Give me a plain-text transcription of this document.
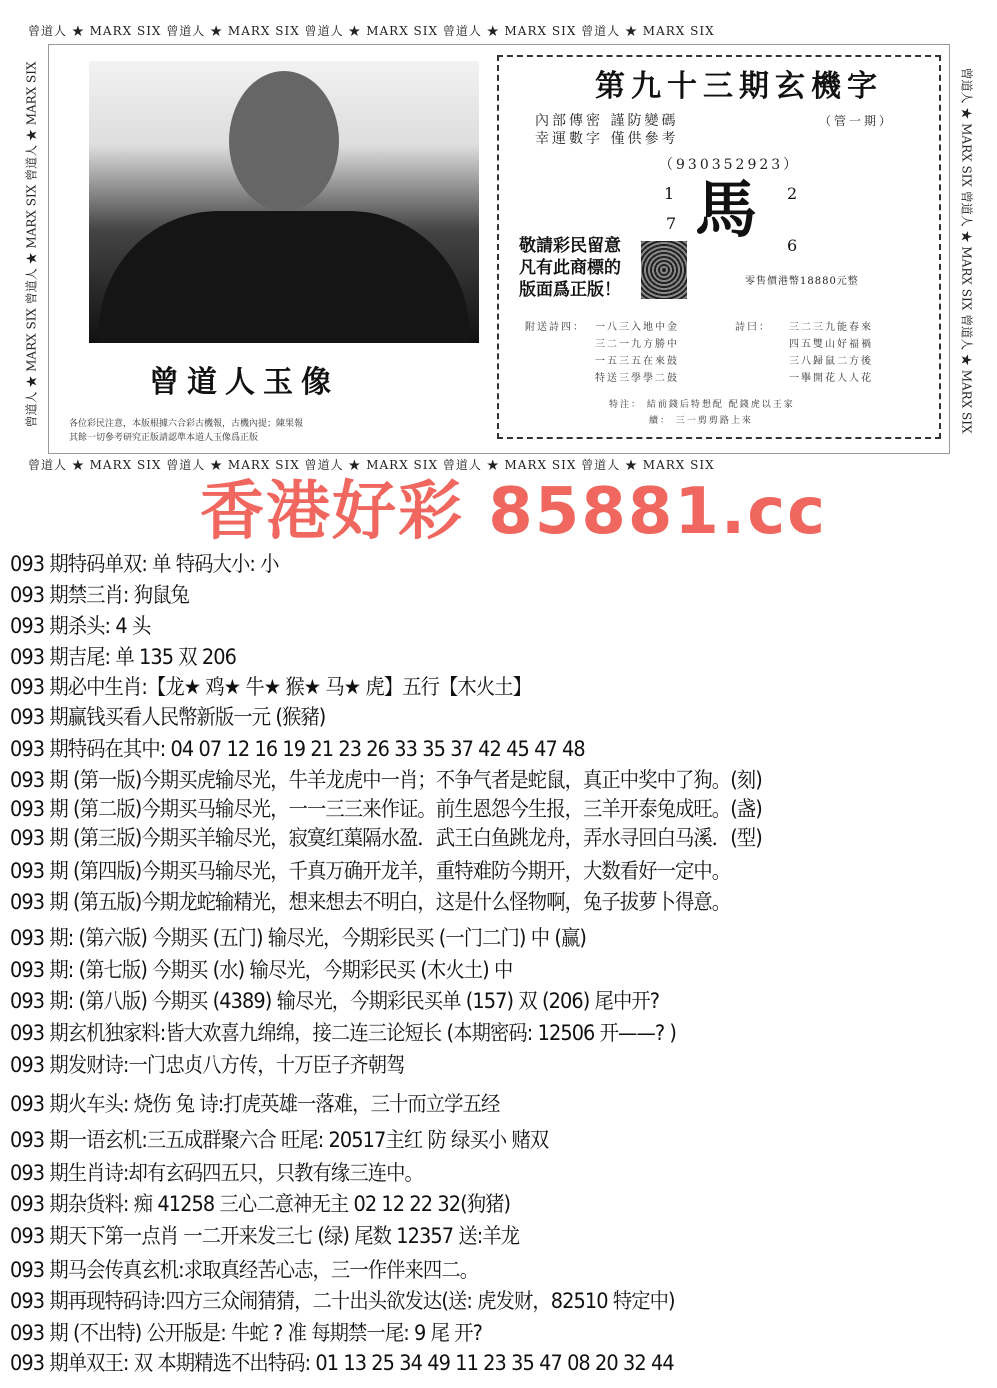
曾道人 ★ MARX SIX 曾道人 ★ MARX SIX 曾道人 ★ MARX SIX 曾道人 ★ MARX SIX 曾道人 ★ MARX SIX
曾道人 ★ MARX SIX 曾道人 ★ MARX SIX 曾道人 ★ MARX SIX 曾道人 ★ MARX SIX 曾道人 ★ MARX SIX
曾道人 ★ MARX SIX 曾道人 ★ MARX SIX 曾道人 ★ MARX SIX	曾道人 ★ MARX SIX 曾道人 ★ MARX SIX 曾道人 ★ MARX SIX
曾道人玉像
各位彩民注意，本版根據六合彩古機報，古機內提；陳果報
其餘一切參考研究正版請認準本道人玉像爲正版
第九十三期玄機字
內部傳密 謹防變碼
幸運數字 僅供參考
（管一期）
（930352923）
馬
1	2
7
6
敬請彩民留意
凡有此商標的
版面爲正版！	零售價港幣18880元整
附送詩四： 一八三入地中金
三二一九方勝中
一五三五在來鼓
特送三學學二鼓
詩曰： 三二三九能春來
四五雙山好福禍
三八歸鼠二方後
一擧開花人人花
特注： 結前錢后特想配 配錢虎以王家
續： 三一剪剪路上來
093 期特码单双: 单 特码大小: 小
093 期禁三肖: 狗鼠兔
093 期杀头: 4 头
093 期吉尾: 单 135 双 206
093 期必中生肖:【龙★ 鸡★ 牛★ 猴★ 马★ 虎】五行【木火土】
093 期赢钱买看人民幣新版一元 (猴豬)
093 期特码在其中: 04 07 12 16 19 21 23 26 33 35 37 42 45 47 48
093 期 (第一版)今期买虎输尽光，牛羊龙虎中一肖；不争气者是蛇鼠，真正中奖中了狗。(刻)
093 期 (第二版)今期买马输尽光，一一三三来作证。前生恩怨今生报，三羊开泰兔成旺。(盏)
093 期 (第三版)今期买羊输尽光，寂寞红蕖隔水盈．武王白鱼跳龙舟，弄水寻回白马溪．(型)
093 期 (第四版)今期买马输尽光，千真万确开龙羊，重特难防今期开，大数看好一定中。
093 期 (第五版)今期龙蛇输精光，想来想去不明白，这是什么怪物啊，兔子拔萝卜得意。
093 期: (第六版) 今期买 (五门) 输尽光，今期彩民买 (一门二门) 中 (赢)
093 期: (第七版) 今期买 (水) 输尽光，今期彩民买 (木火土) 中
093 期: (第八版) 今期买 (4389) 输尽光，今期彩民买单 (157) 双 (206) 尾中开?
093 期玄机独家料:皆大欢喜九绵绵，接二连三论短长 (本期密码: 12506 开——? )
093 期发财诗:一门忠贞八方传，十万臣子齐朝驾
093 期火车头: 烧伤 兔 诗:打虎英雄一落难，三十而立学五经
093 期一语玄机:三五成群聚六合 旺尾: 20517主红 防 绿买小 赌双
093 期生肖诗:却有玄码四五只，只教有缘三连中。
093 期杂货料: 痴 41258 三心二意神无主 02 12 22 32(狗猪)
093 期天下第一点肖 一二开来发三七 (绿) 尾数 12357 送:羊龙
093 期马会传真玄机:求取真经苦心志，三一作伴来四二。
093 期再现特码诗:四方三众闹猜猜，二十出头欲发达(送: 虎发财，82510 特定中)
093 期 (不出特) 公开版是: 牛蛇 ? 准 每期禁一尾: 9 尾 开?
093 期单双王: 双 本期精选不出特码: 01 13 25 34 49 11 23 35 47 08 20 32 44
香港好彩 85881.cc
